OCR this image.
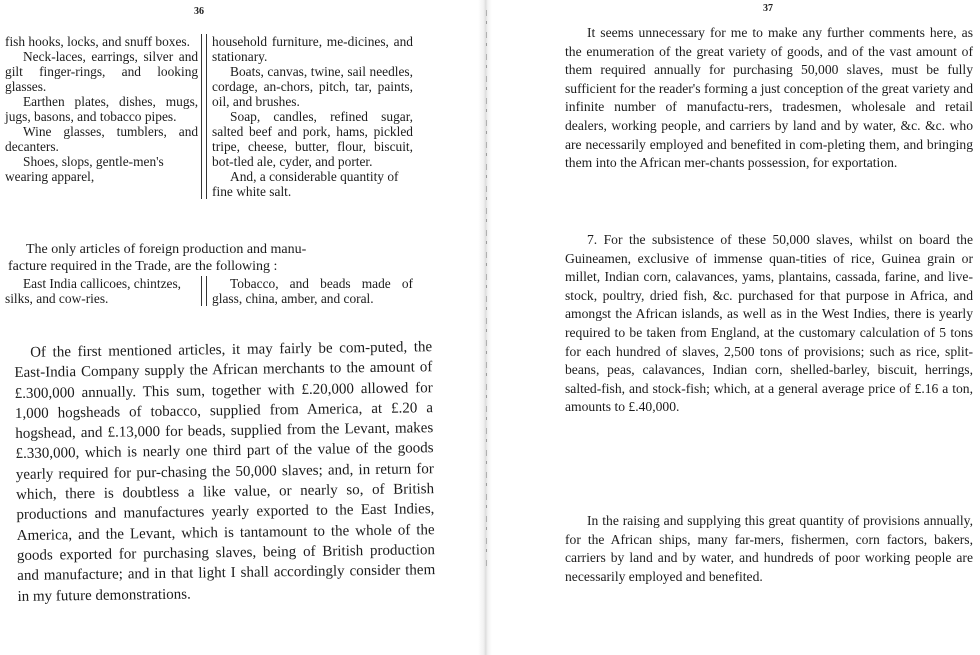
36

fish hooks, locks, and snuff boxes.

Neck-laces, earrings, silver and gilt finger-rings, and looking glasses.

Earthen plates, dishes, mugs, jugs, basons, and tobacco pipes.

Wine glasses, tumblers, and decanters.

Shoes, slops, gentle-men's wearing apparel,

household furniture, me-dicines, and stationary.

Boats, canvas, twine, sail needles, cordage, an-chors, pitch, tar, paints, oil, and brushes.

Soap, candles, refined sugar, salted beef and pork, hams, pickled tripe, cheese, butter, flour, biscuit, bot-tled ale, cyder, and porter.

And, a considerable quantity of fine white salt.

The only articles of foreign production and manu-
facture required in the Trade, are the following :

East India callicoes, chintzes, silks, and cow-ries.

Tobacco, and beads made of glass, china, amber, and coral.

Of the first mentioned articles, it may fairly be com-puted, the East-India Company supply the African merchants to the amount of £.300,000 annually. This sum, together with £.20,000 allowed for 1,000 hogsheads of tobacco, supplied from America, at £.20 a hogshead, and £.13,000 for beads, supplied from the Levant, makes £.330,000, which is nearly one third part of the value of the goods yearly required for pur-chasing the 50,000 slaves; and, in return for which, there is doubtless a like value, or nearly so, of British productions and manufactures yearly exported to the East Indies, America, and the Levant, which is tantamount to the whole of the goods exported for purchasing slaves, being of British production and manufacture; and in that light I shall accordingly consider them in my future demonstrations.

37

It seems unnecessary for me to make any further comments here, as the enumeration of the great variety of goods, and of the vast amount of them required annually for purchasing 50,000 slaves, must be fully sufficient for the reader's forming a just conception of the great variety and infinite number of manufactu-rers, tradesmen, wholesale and retail dealers, working people, and carriers by land and by water, &c. &c. who are necessarily employed and benefited in com-pleting them, and bringing them into the African mer-chants possession, for exportation.

7. For the subsistence of these 50,000 slaves, whilst on board the Guineamen, exclusive of immense quan-tities of rice, Guinea grain or millet, Indian corn, calavances, yams, plantains, cassada, farine, and live-stock, poultry, dried fish, &c. purchased for that purpose in Africa, and amongst the African islands, as well as in the West Indies, there is yearly required to be taken from England, at the customary calculation of 5 tons for each hundred of slaves, 2,500 tons of provisions; such as rice, split-beans, peas, calavances, Indian corn, shelled-barley, biscuit, herrings, salted-fish, and stock-fish; which, at a general average price of £.16 a ton, amounts to £.40,000.

In the raising and supplying this great quantity of provisions annually, for the African ships, many far-mers, fishermen, corn factors, bakers, carriers by land and by water, and hundreds of poor working people are necessarily employed and benefited.
